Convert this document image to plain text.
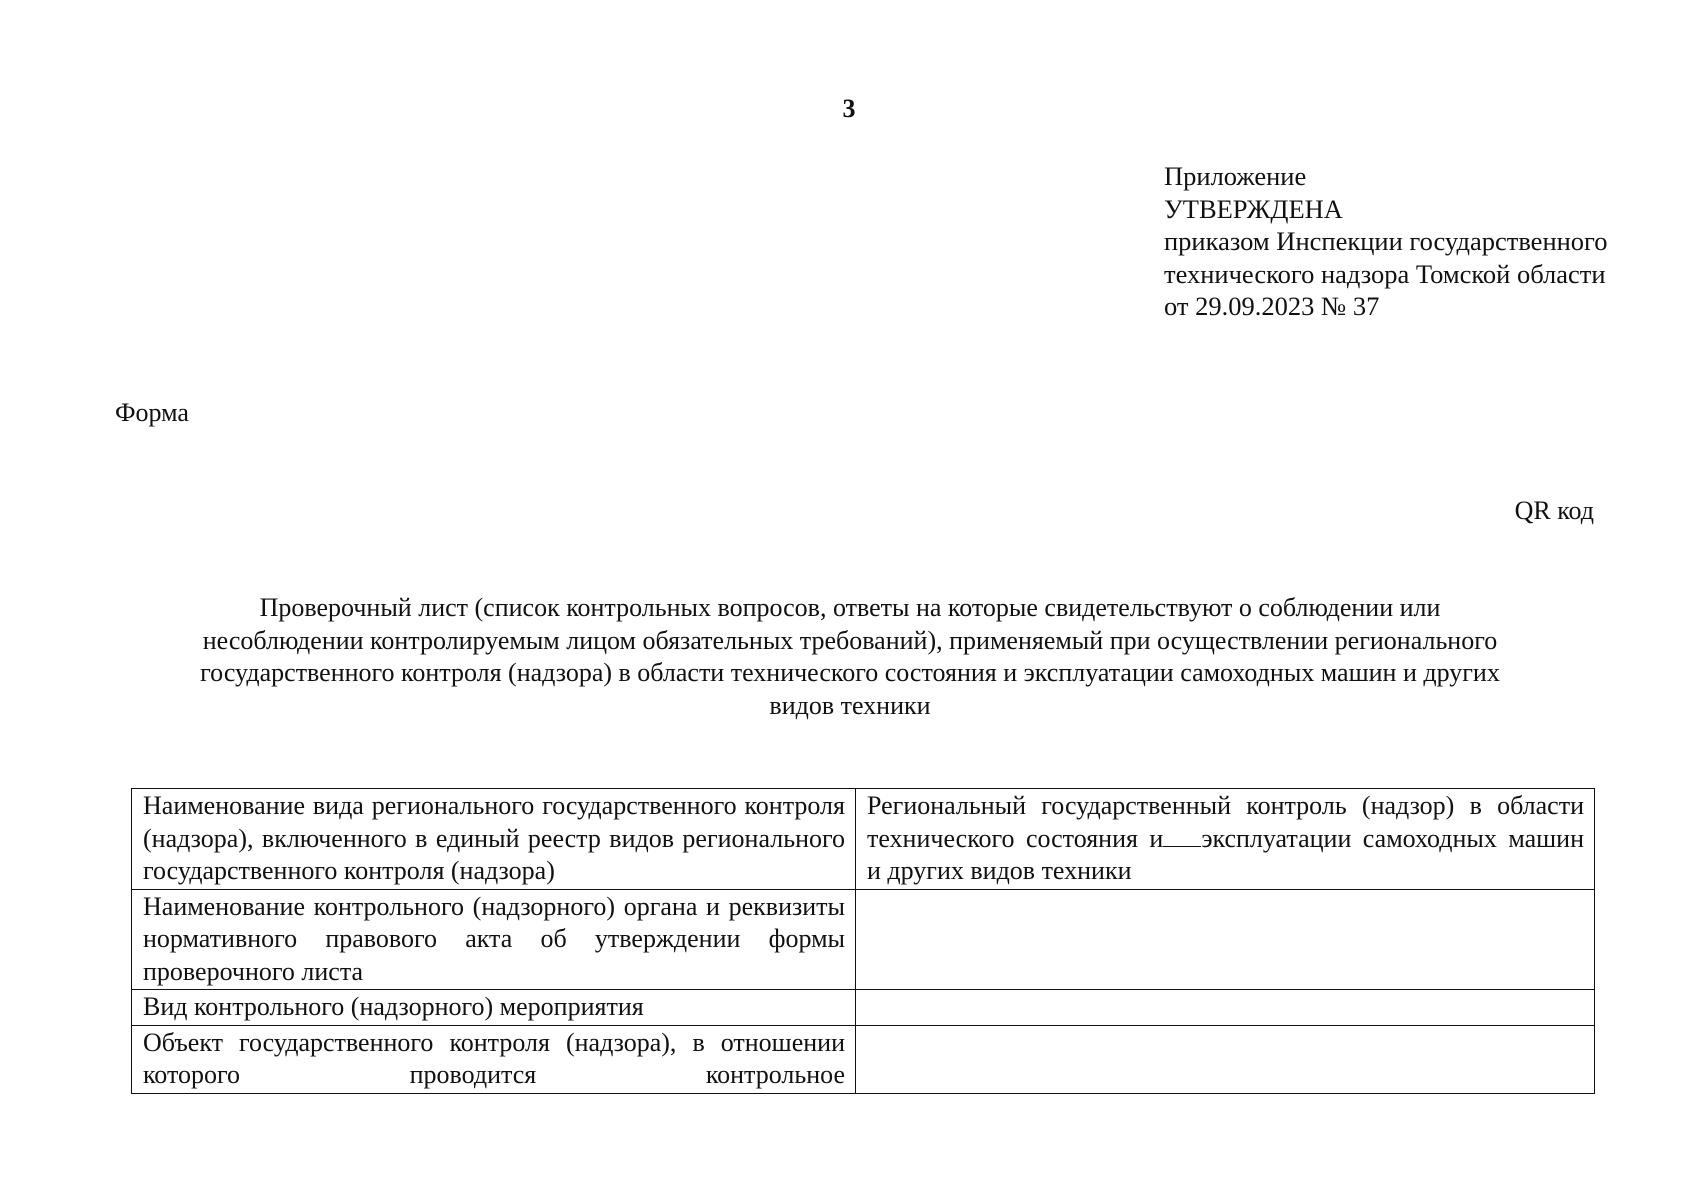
3
Приложение
УТВЕРЖДЕНА
приказом Инспекции государственного
технического надзора Томской области
от 29.09.2023 № 37
Форма
QR код
Проверочный лист (список контрольных вопросов, ответы на которые свидетельствуют о соблюдении или
несоблюдении контролируемым лицом обязательных требований), применяемый при осуществлении регионального
государственного контроля (надзора) в области технического состояния и эксплуатации самоходных машин и других
видов техники
Наименование вида регионального государственного контроля (надзора), включенного в единый реестр видов регионального государственного контроля (надзора)	Региональный государственный контроль (надзор) в области технического состояния и эксплуатации самоходных машин и других видов техники
Наименование контрольного (надзорного) органа и реквизиты нормативного правового акта об утверждении формы проверочного листа	
Вид контрольного (надзорного) мероприятия	
Объект государственного контроля (надзора), в отношении которого проводится контрольное	
